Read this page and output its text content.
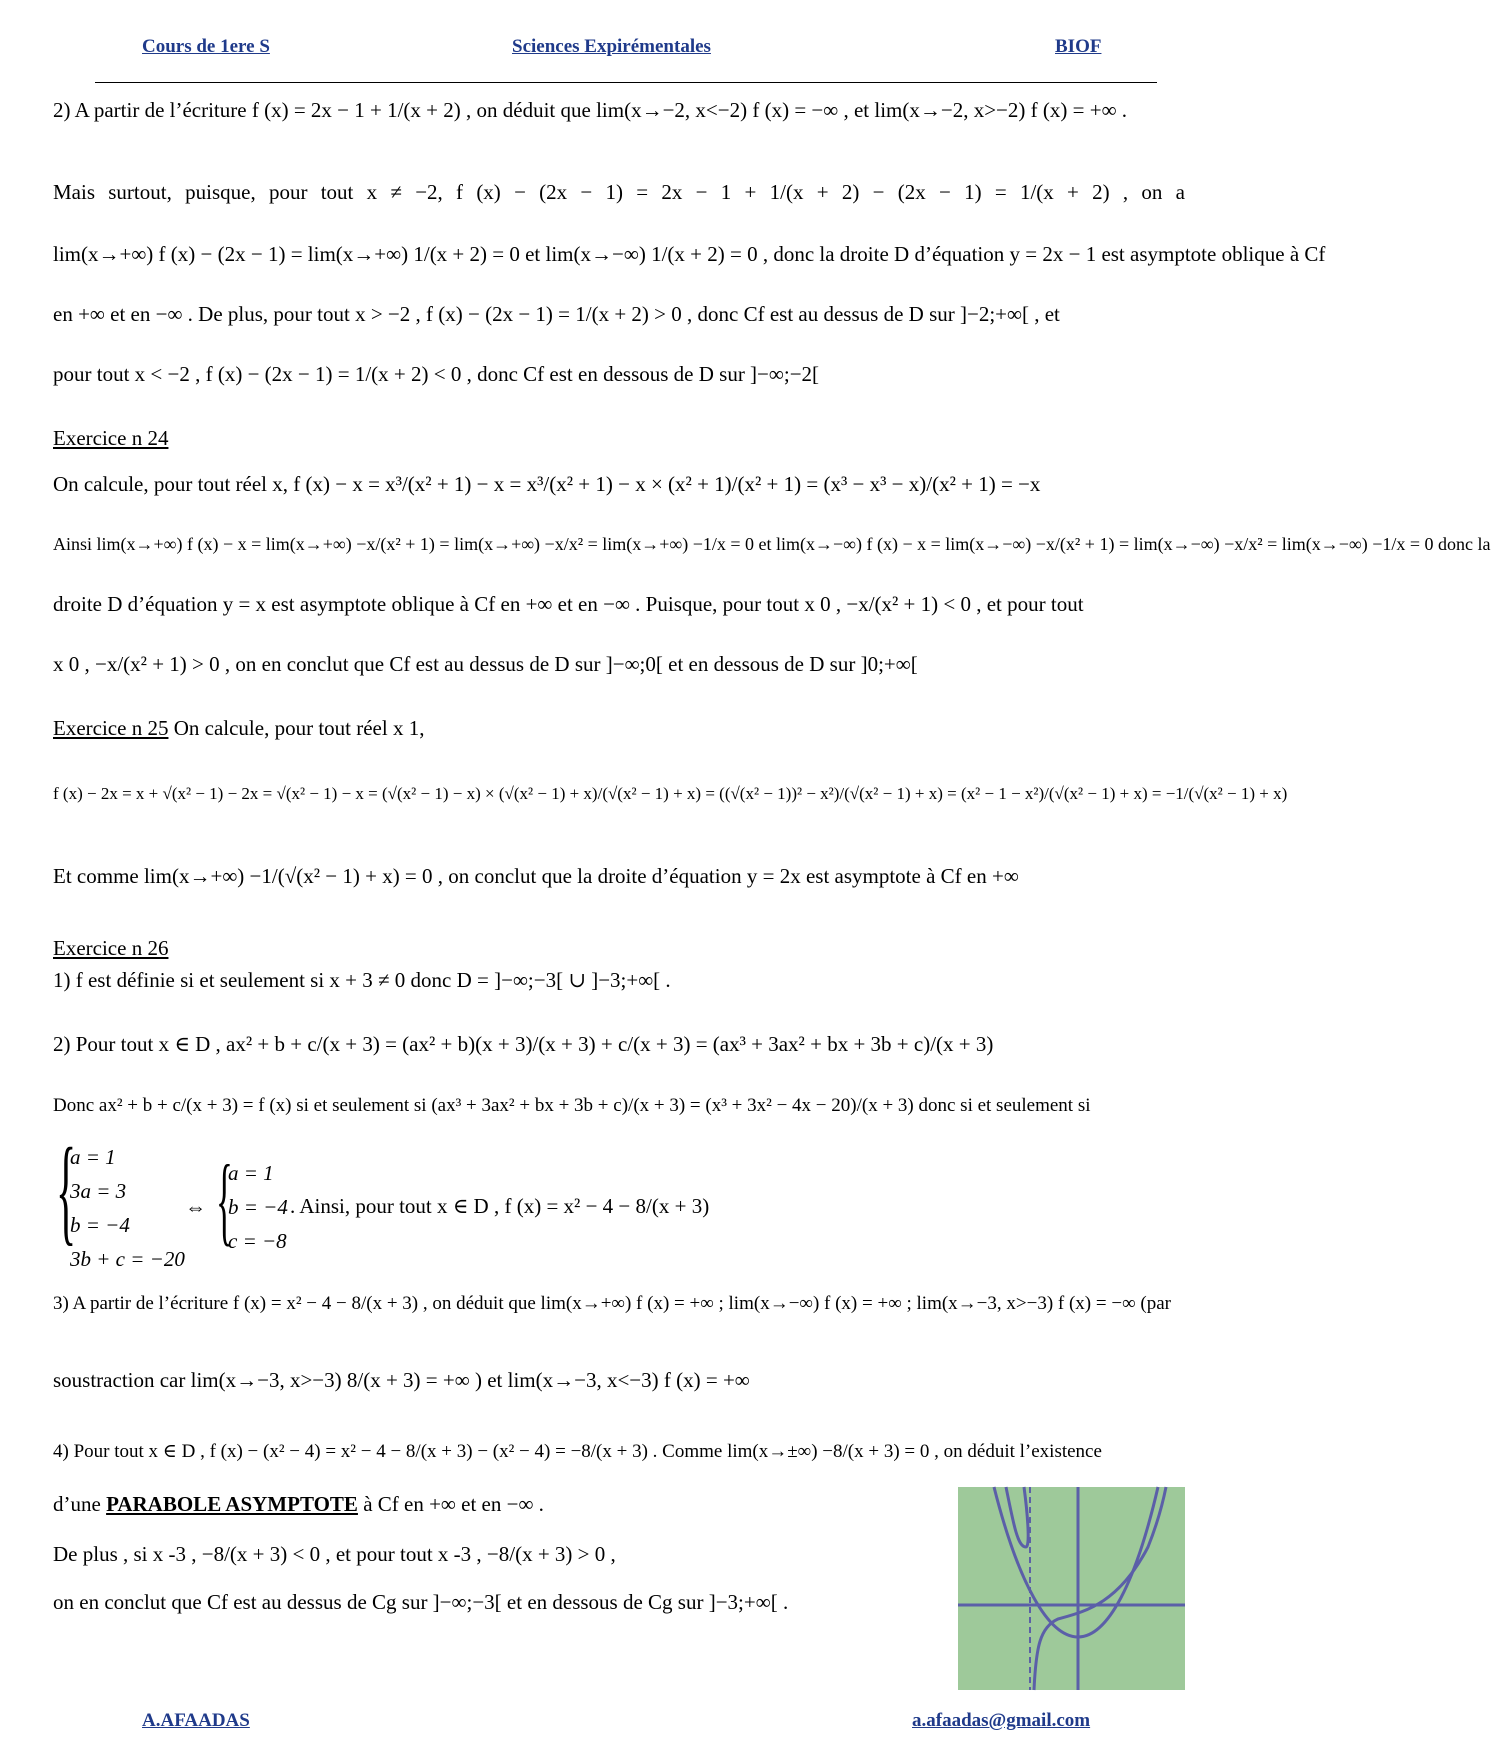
Cours de 1ere S	Sciences Expirémentales	BIOF
2) A partir de l’écriture f (x) = 2x − 1 + 1/(x + 2) , on déduit que lim(x→−2, x<−2) f (x) = −∞ , et lim(x→−2, x>−2) f (x) = +∞ .
Mais surtout, puisque, pour tout x ≠ −2, f (x) − (2x − 1) = 2x − 1 + 1/(x + 2) − (2x − 1) = 1/(x + 2) , on a
lim(x→+∞) f (x) − (2x − 1) = lim(x→+∞) 1/(x + 2) = 0 et lim(x→−∞) 1/(x + 2) = 0 , donc la droite D d’équation y = 2x − 1 est asymptote oblique à Cf
en +∞ et en −∞ . De plus, pour tout x > −2 , f (x) − (2x − 1) = 1/(x + 2) > 0 , donc Cf est au dessus de D sur ]−2;+∞[ , et
pour tout x < −2 , f (x) − (2x − 1) = 1/(x + 2) < 0 , donc Cf est en dessous de D sur ]−∞;−2[
Exercice n 24
On calcule, pour tout réel x, f (x) − x = x³/(x² + 1) − x = x³/(x² + 1) − x × (x² + 1)/(x² + 1) = (x³ − x³ − x)/(x² + 1) = −x
Ainsi lim(x→+∞) f (x) − x = lim(x→+∞) −x/(x² + 1) = lim(x→+∞) −x/x² = lim(x→+∞) −1/x = 0 et lim(x→−∞) f (x) − x = lim(x→−∞) −x/(x² + 1) = lim(x→−∞) −x/x² = lim(x→−∞) −1/x = 0 donc la
droite D d’équation y = x est asymptote oblique à Cf en +∞ et en −∞ . Puisque, pour tout x 0 , −x/(x² + 1) < 0 , et pour tout
x 0 , −x/(x² + 1) > 0 , on en conclut que Cf est au dessus de D sur ]−∞;0[ et en dessous de D sur ]0;+∞[
Exercice n 25 On calcule, pour tout réel x 1,
f (x) − 2x = x + √(x² − 1) − 2x = √(x² − 1) − x = (√(x² − 1) − x) × (√(x² − 1) + x)/(√(x² − 1) + x) = ((√(x² − 1))² − x²)/(√(x² − 1) + x) = (x² − 1 − x²)/(√(x² − 1) + x) = −1/(√(x² − 1) + x)
Et comme lim(x→+∞) −1/(√(x² − 1) + x) = 0 , on conclut que la droite d’équation y = 2x est asymptote à Cf en +∞
Exercice n 26
1) f est définie si et seulement si x + 3 ≠ 0 donc D = ]−∞;−3[ ∪ ]−3;+∞[ .
2) Pour tout x ∈ D , ax² + b + c/(x + 3) = (ax² + b)(x + 3)/(x + 3) + c/(x + 3) = (ax³ + 3ax² + bx + 3b + c)/(x + 3)
Donc ax² + b + c/(x + 3) = f (x) si et seulement si (ax³ + 3ax² + bx + 3b + c)/(x + 3) = (x³ + 3x² − 4x − 20)/(x + 3) donc si et seulement si
{
a = 1
3a = 3
b = −4
3b + c = −20
⇔ {
a = 1
b = −4
c = −8
. Ainsi, pour tout x ∈ D , f (x) = x² − 4 − 8/(x + 3)
3) A partir de l’écriture f (x) = x² − 4 − 8/(x + 3) , on déduit que lim(x→+∞) f (x) = +∞ ; lim(x→−∞) f (x) = +∞ ; lim(x→−3, x>−3) f (x) = −∞ (par
soustraction car lim(x→−3, x>−3) 8/(x + 3) = +∞ ) et lim(x→−3, x<−3) f (x) = +∞
4) Pour tout x ∈ D , f (x) − (x² − 4) = x² − 4 − 8/(x + 3) − (x² − 4) = −8/(x + 3) . Comme lim(x→±∞) −8/(x + 3) = 0 , on déduit l’existence
d’une PARABOLE ASYMPTOTE à Cf en +∞ et en −∞ .
De plus , si x -3 , −8/(x + 3) < 0 , et pour tout x -3 , −8/(x + 3) > 0 ,
on en conclut que Cf est au dessus de Cg sur ]−∞;−3[ et en dessous de Cg sur ]−3;+∞[ .
A.AFAADAS	a.afaadas@gmail.com
